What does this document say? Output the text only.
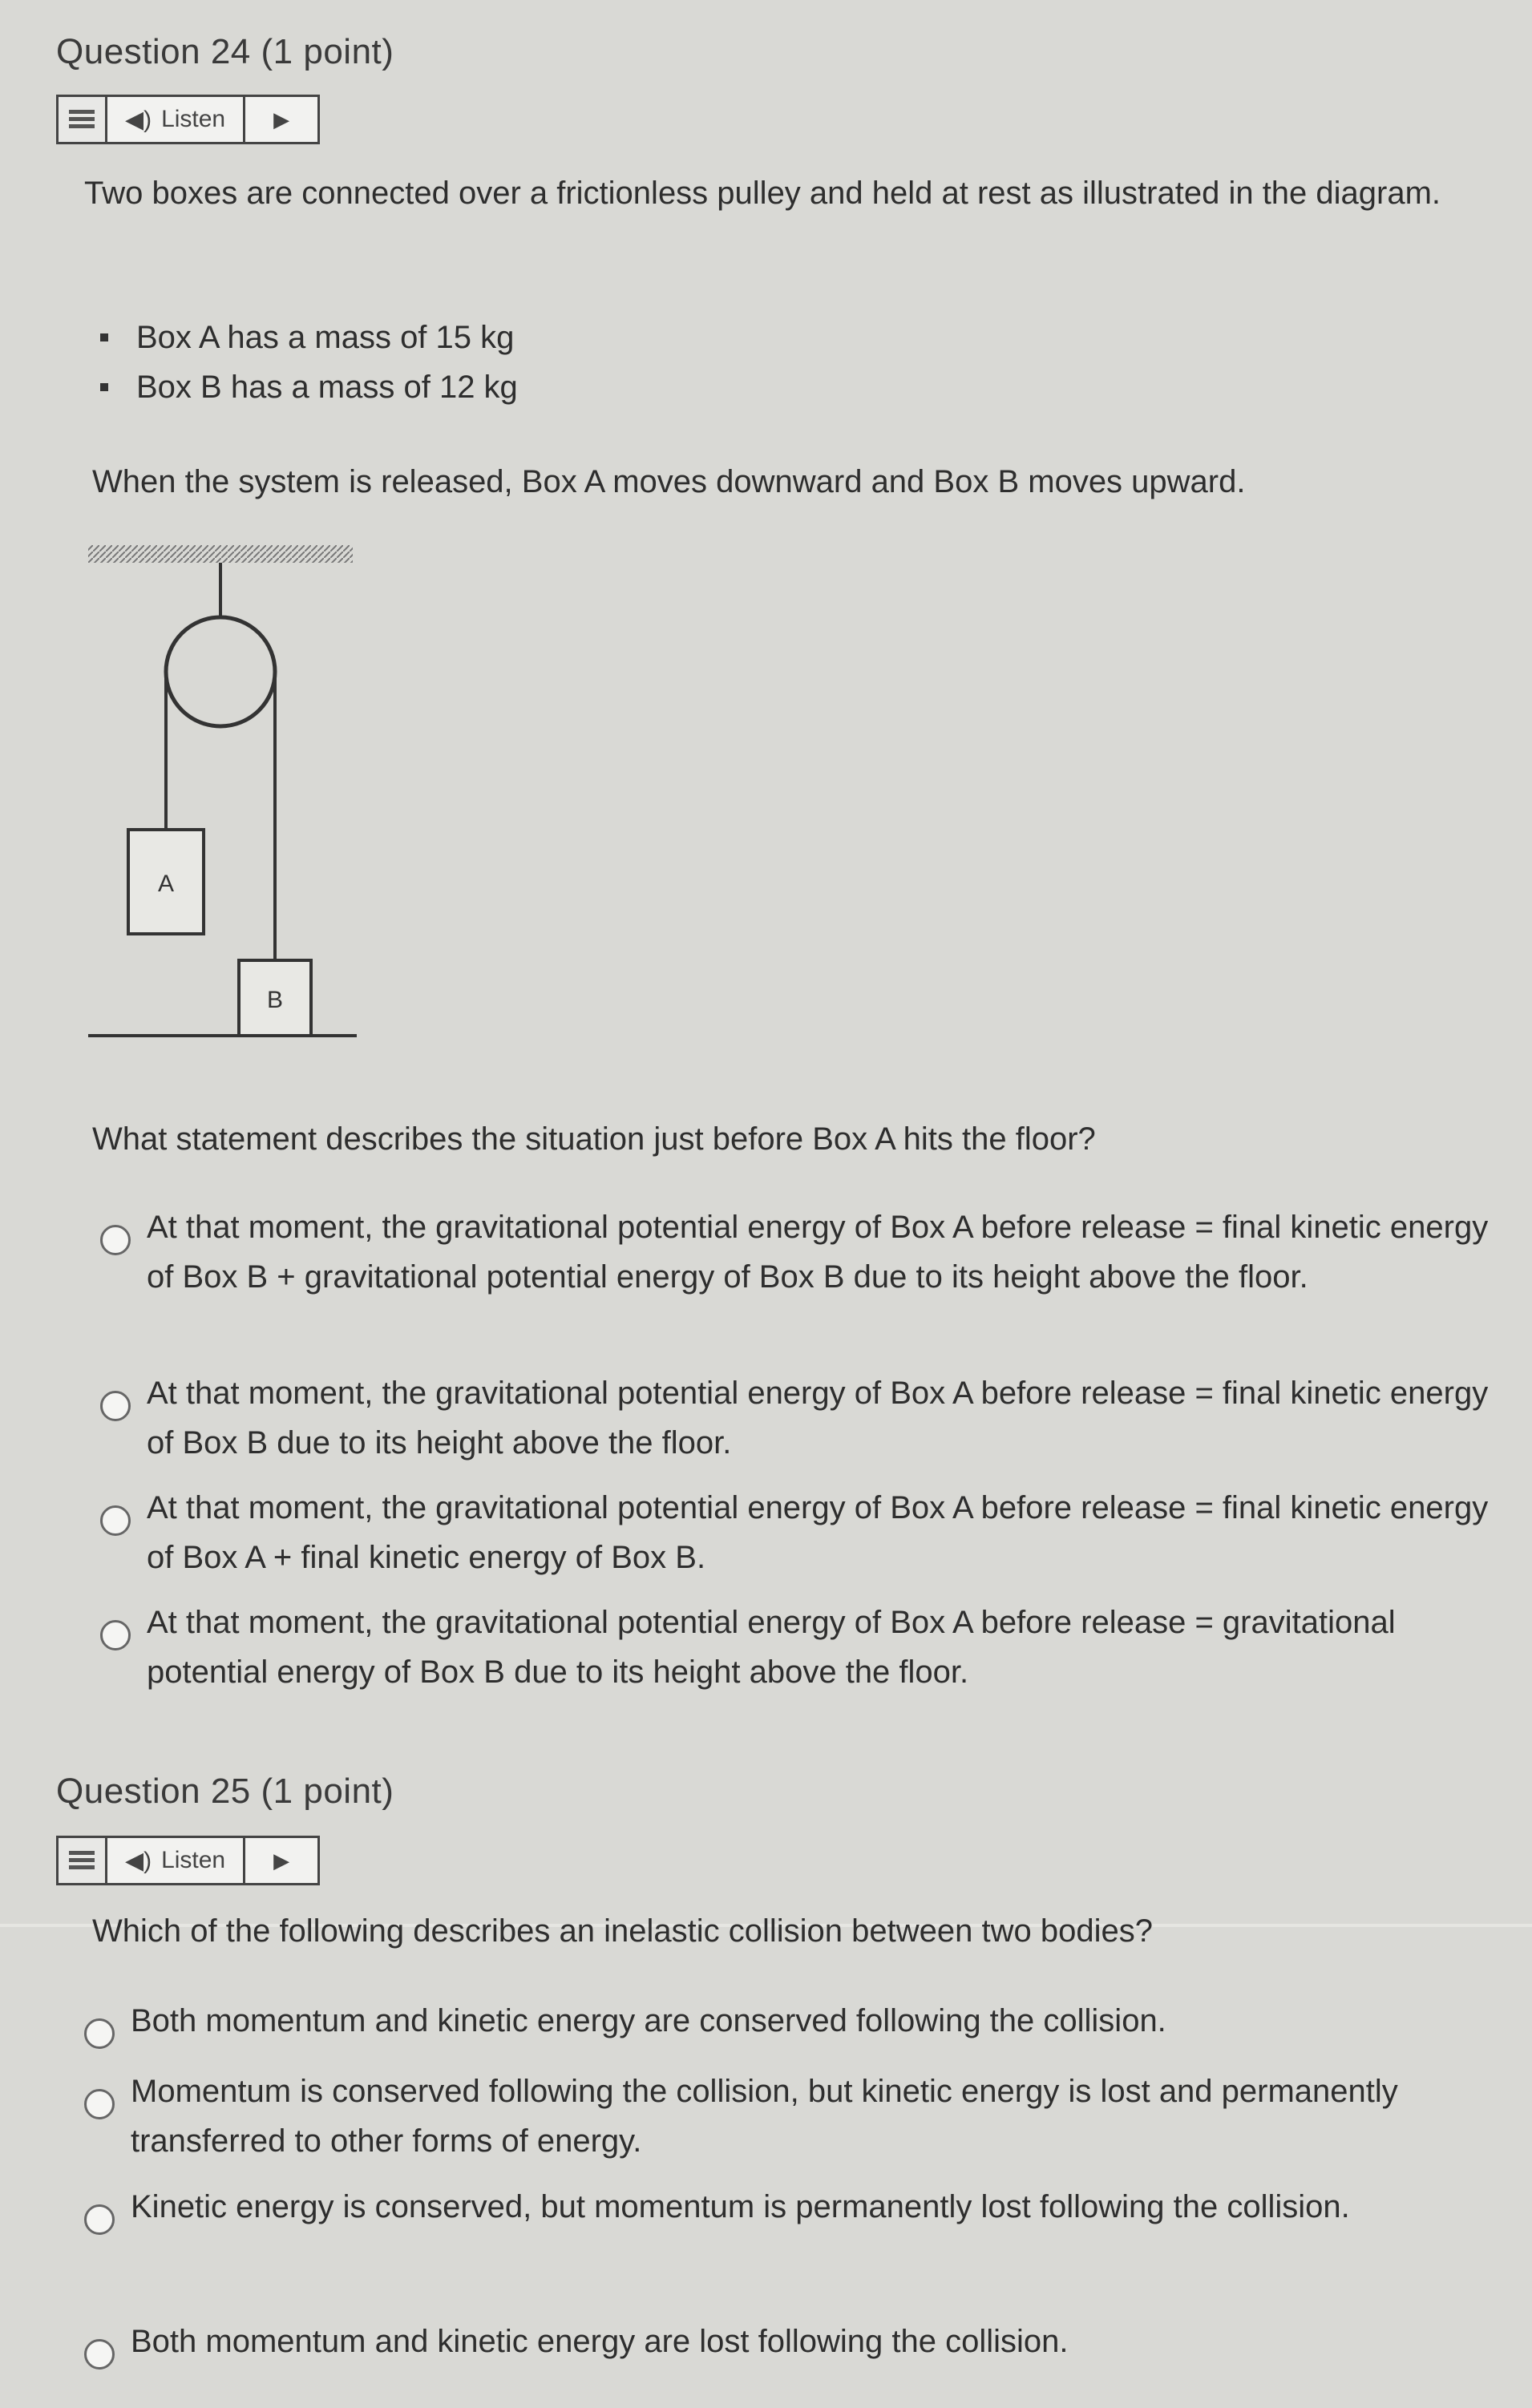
Question 24 (1 point)
◀︎) Listen	▶
Two boxes are connected over a frictionless pulley and held at rest as illustrated in the diagram.
Box A has a mass of 15 kg
Box B has a mass of 12 kg
When the system is released, Box A moves downward and Box B moves upward.
A
B
What statement describes the situation just before Box A hits the floor?
At that moment, the gravitational potential energy of Box A before release = final kinetic energy of Box B + gravitational potential energy of Box B due to its height above the floor.
At that moment, the gravitational potential energy of Box A before release = final kinetic energy of Box B due to its height above the floor.
At that moment, the gravitational potential energy of Box A before release = final kinetic energy of Box A + final kinetic energy of Box B.
At that moment, the gravitational potential energy of Box A before release = gravitational potential energy of Box B due to its height above the floor.
Question 25 (1 point)
◀︎) Listen	▶
Which of the following describes an inelastic collision between two bodies?
Both momentum and kinetic energy are conserved following the collision.
Momentum is conserved following the collision, but kinetic energy is lost and permanently transferred to other forms of energy.
Kinetic energy is conserved, but momentum is permanently lost following the collision.
Both momentum and kinetic energy are lost following the collision.
